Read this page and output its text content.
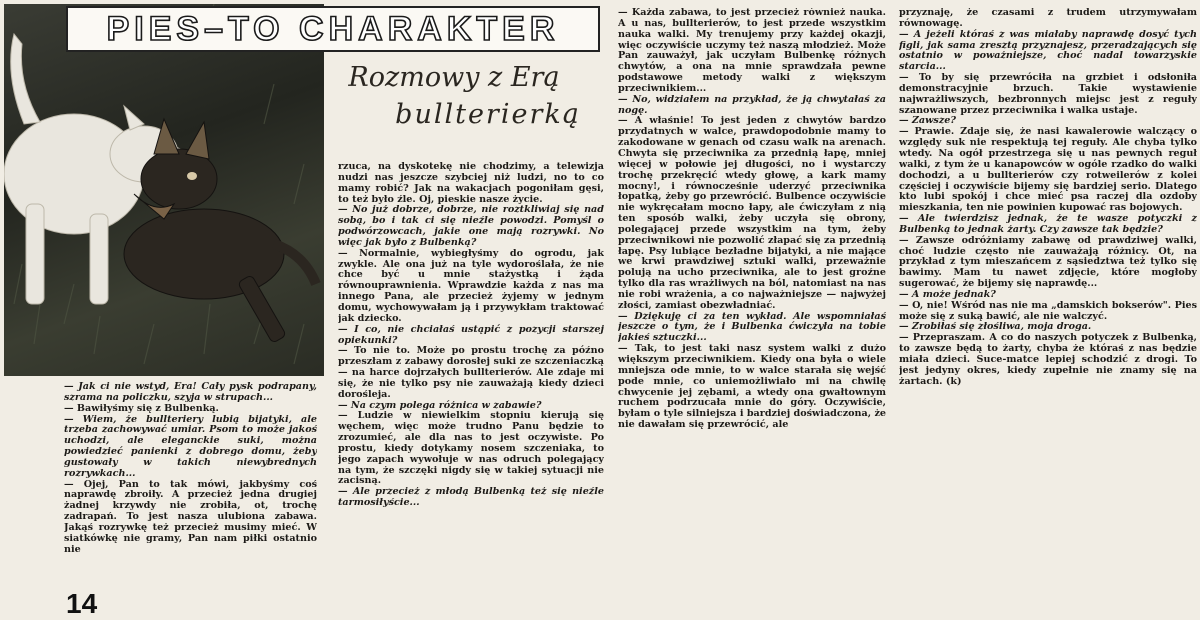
PIES–TO CHARAKTER
Rozmowy z Erą
bullterierką

— Jak ci nie wstyd, Era! Cały pysk podrapany, szrama na policzku, szyja w strupach...

— Bawiłyśmy się z Bulbenką.

— Wiem, że bullteriery lubią bijatyki, ale trzeba zachowywać umiar. Psom to może jakoś uchodzi, ale eleganckie suki, można powiedzieć panienki z dobrego domu, żeby gustowały w takich niewybrednych rozrywkach...

— Ojej, Pan to tak mówi, jakbyśmy coś naprawdę zbroiły. A przecież jedna drugiej żadnej krzywdy nie zrobiła, ot, trochę zadrapań. To jest nasza ulubiona zabawa. Jakąś rozrywkę też przecież musimy mieć. W siatkówkę nie gramy, Pan nam piłki ostatnio nie

rzuca, na dyskotekę nie chodzimy, a telewizja nudzi nas jeszcze szybciej niż ludzi, no to co mamy robić? Jak na wakacjach pogoniłam gęsi, to też było źle. Oj, pieskie nasze życie.

— No już dobrze, dobrze, nie roztkliwiaj się nad sobą, bo i tak ci się nieźle powodzi. Pomyśl o podwórzowcach, jakie one mają rozrywki. No więc jak było z Bulbenką?

— Normalnie, wybiegłyśmy do ogrodu, jak zwykle. Ale ona już na tyle wydoroślała, że nie chce być u mnie stażystką i żąda równouprawnienia. Wprawdzie każda z nas ma innego Pana, ale przecież żyjemy w jednym domu, wychowywałam ją i przywykłam traktować jak dziecko.

— I co, nie chciałaś ustąpić z pozycji starszej opiekunki?

— To nie to. Może po prostu trochę za późno przeszłam z zabawy dorosłej suki ze szczeniaczką — na harce dojrzałych bullterierów. Ale zdaje mi się, że nie tylko psy nie zauważają kiedy dzieci doroślejа.

— Na czym polega różnica w zabawie?

— Ludzie w niewielkim stopniu kierują się węchem, więc może trudno Panu będzie to zrozumieć, ale dla nas to jest oczywiste. Po prostu, kiedy dotykamy nosem szczeniaka, to jego zapach wywołuje w nas odruch polegający na tym, że szczęki nigdy się w takiej sytuacji nie zacisną.

— Ale przecież z młodą Bulbenką też się nieźle tarmosiłyście...

— Każda zabawa, to jest przecież również nauka. A u nas, bullterierów, to jest przede wszystkim nauka walki. My trenujemy przy każdej okazji, więc oczywiście uczymy też naszą młodzież. Może Pan zauważył, jak uczyłam Bulbenkę różnych chwytów, a ona na mnie sprawdzała pewne podstawowe metody walki z większym przeciwnikiem...

— No, widziałem na przykład, że ją chwytałaś za nogę.

— A właśnie! To jest jeden z chwytów bardzo przydatnych w walce, prawdopodobnie mamy to zakodowane w genach od czasu walk na arenach. Chwyta się przeciwnika za przednią łapę, mniej więcej w połowie jej długości, no i wystarczy trochę przekręcić wtedy głowę, a kark mamy mocny!, i równocześnie uderzyć przeciwnika łopatką, żeby go przewrócić. Bulbence oczywiście nie wykręcałam mocno łapy, ale ćwiczyłam z nią ten sposób walki, żeby uczyła się obrony, polegającej przede wszystkim na tym, żeby przeciwnikowi nie pozwolić złapać się za przednią łapę. Psy lubiące bezładne bijatyki, a nie mające we krwi prawdziwej sztuki walki, przeważnie polują na ucho przeciwnika, ale to jest groźne tylko dla ras wrażliwych na ból, natomiast na nas nie robi wrażenia, a co najważniejsze — najwyżej złości, zamiast obezwładniać.

— Dziękuję ci za ten wykład. Ale wspomniałaś jeszcze o tym, że i Bulbenka ćwiczyła na tobie jakieś sztuczki...

— Tak, to jest taki nasz system walki z dużo większym przeciwnikiem. Kiedy ona była o wiele mniejsza ode mnie, to w walce starała się wejść pode mnie, co uniemożliwiało mi na chwilę chwycenie jej zębami, a wtedy ona gwałtownym ruchem podrzucała mnie do góry. Oczywiście, byłam o tyle silniejsza i bardziej doświadczona, że nie dawałam się przewrócić, ale

przyznaję, że czasami z trudem utrzymywałam równowagę.

— A jeżeli któraś z was miałaby naprawdę dosyć tych figli, jak sama zresztą przyznajesz, przeradzających się ostatnio w poważniejsze, choć nadal towarzyskie starcia...

— To by się przewróciła na grzbiet i odsłoniła demonstracyjnie brzuch. Takie wystawienie najwrażliwszych, bezbronnych miejsc jest z reguły szanowane przez przeciwnika i walka ustaje.

— Zawsze?

— Prawie. Zdaje się, że nasi kawalerowie walczący o względy suk nie respektują tej reguły. Ale chyba tylko wtedy. Na ogół przestrzega się u nas pewnych reguł walki, z tym że u kanapowców w ogóle rzadko do walki dochodzi, a u bullterierów czy rotweilerów z kolei częściej i oczywiście bijemy się bardziej serio. Dlatego kto lubi spokój i chce mieć psa raczej dla ozdoby mieszkania, ten nie powinien kupować ras bojowych.

— Ale twierdzisz jednak, że te wasze potyczki z Bulbenką to jednak żarty. Czy zawsze tak będzie?

— Zawsze odróżniamy zabawę od prawdziwej walki, choć ludzie często nie zauważają różnicy. Ot, na przykład z tym mieszańcem z sąsiedztwa też tylko się bawimy. Mam tu nawet zdjęcie, które mogłoby sugerować, że bijemy się naprawdę...

— A może jednak?

— O, nie! Wśród nas nie ma „damskich bokserów". Pies może się z suką bawić, ale nie walczyć.

— Zrobiłaś się złośliwa, moja droga.

— Przepraszam. A co do naszych potyczek z Bulbenką, to zawsze będą to żarty, chyba że któraś z nas będzie miała dzieci. Suce-matce lepiej schodzić z drogi. To jest jedyny okres, kiedy zupełnie nie znamy się na żartach. (k)

14
